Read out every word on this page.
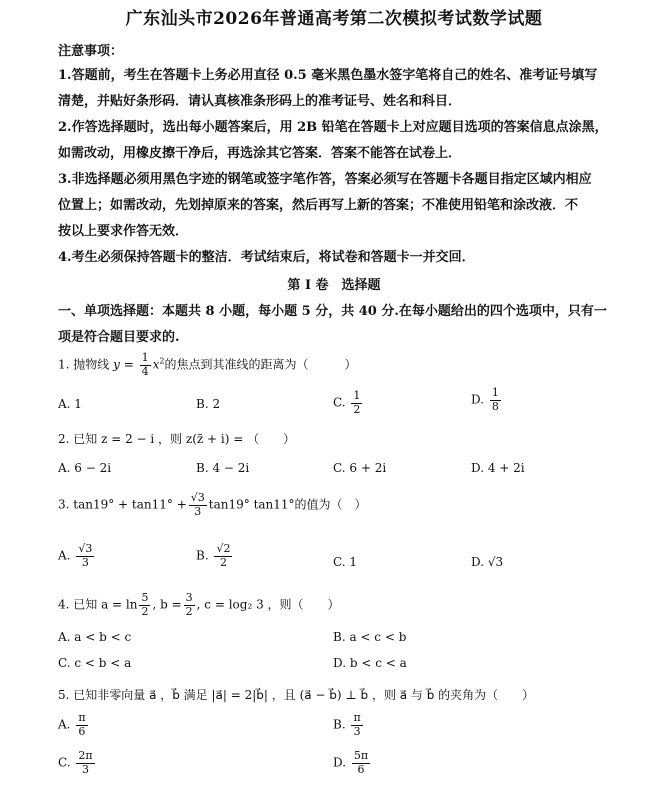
广东汕头市2026年普通高考第二次模拟考试数学试题
注意事项：
1.答题前，考生在答题卡上务必用直径 0.5 毫米黑色墨水签字笔将自己的姓名、准考证号填写
清楚，并贴好条形码．请认真核准条形码上的准考证号、姓名和科目．
2.作答选择题时，选出每小题答案后，用 2B 铅笔在答题卡上对应题目选项的答案信息点涂黑，
如需改动，用橡皮擦干净后，再选涂其它答案．答案不能答在试卷上．
3.非选择题必须用黑色字迹的钢笔或签字笔作答，答案必须写在答题卡各题目指定区域内相应
位置上；如需改动，先划掉原来的答案，然后再写上新的答案；不准使用铅笔和涂改液．不
按以上要求作答无效．
4.考生必须保持答题卡的整洁．考试结束后，将试卷和答题卡一并交回．
第 I 卷　选择题
一、单项选择题：本题共 8 小题，每小题 5 分，共 40 分.在每小题给出的四个选项中，只有一
项是符合题目要求的.
1. 抛物线 $y = \frac{1}{4} x^2$的焦点到其准线的距离为（　　　）
A. 1	B. 2	C. $\frac{1}{2}$	D. $\frac{1}{8}$
2. 已知 z = 2 − i ，则 z(z̄ + i) = （　　）
A. 6 − 2i	B. 4 − 2i	C. 6 + 2i	D. 4 + 2i
3. $\tan 19^\circ + \tan 11^\circ + \frac{√3}{3} \tan 19^\circ$ tan11°的值为（　）
A. $\frac{√3}{3}$	B. $\frac{√2}{2}$	C. 1	D. √3
4. 已知 $a = \ln \frac{5}{2}$ , $b = \frac{3}{2}$ , c = log₂ 3 ，则（　　）
A. a < b < c	B. a < c < b
C. c < b < a	D. b < c < a
5. 已知非零向量 a⃗ ，b⃗ 满足 |a⃗| = 2|b⃗| ，且 (a⃗ − b⃗) ⊥ b⃗ ，则 a⃗ 与 b⃗ 的夹角为（　　）
A. $\frac{\pi}{6}$	B. $\frac{\pi}{3}$
C. $\frac{2\pi}{3}$	D. $\frac{5\pi}{6}$
